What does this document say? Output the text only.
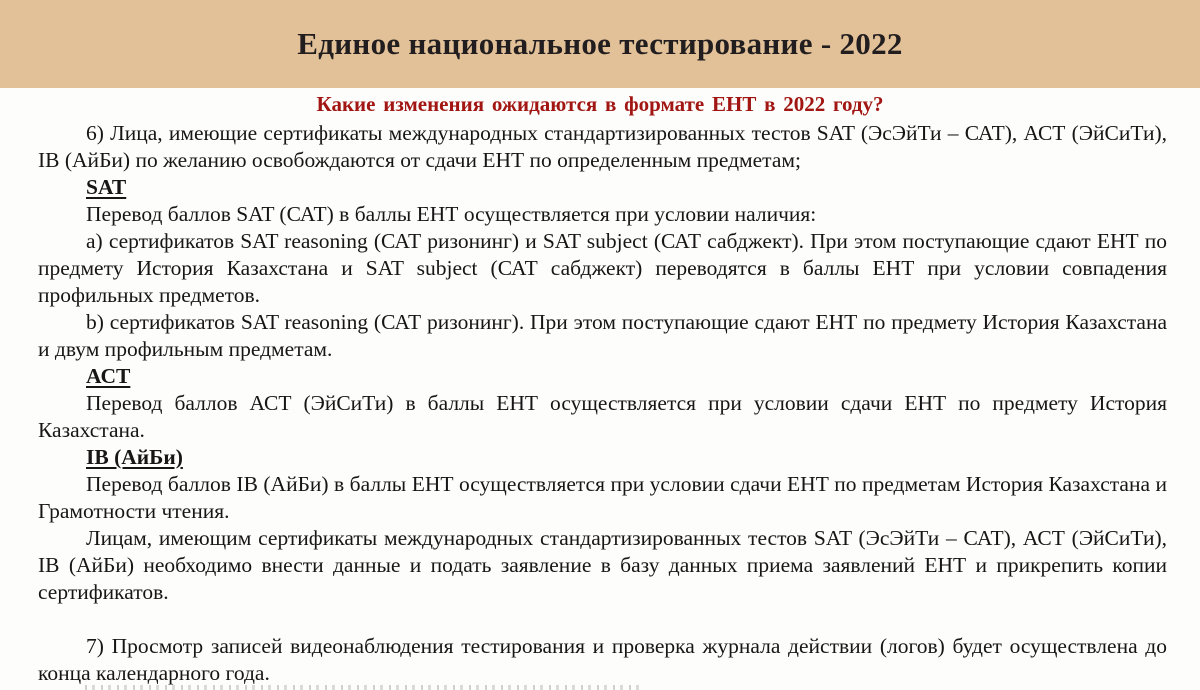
Единое национальное тестирование - 2022
Какие изменения ожидаются в формате ЕНТ в 2022 году?

6) Лица, имеющие сертификаты международных стандартизированных тестов SAT (ЭсЭйТи – САТ), АСТ (ЭйСиТи), IB (АйБи) по желанию освобождаются от сдачи ЕНТ по определенным предметам;

SAT

Перевод баллов SAT (САТ) в баллы ЕНТ осуществляется при условии наличия:

а) сертификатов SAT reasoning (САТ ризонинг) и SAT subject (САТ сабджект). При этом поступающие сдают ЕНТ по предмету История Казахстана и SAT subject (САТ сабджект) переводятся в баллы ЕНТ при условии совпадения профильных предметов.

b) сертификатов SAT reasoning (САТ ризонинг). При этом поступающие сдают ЕНТ по предмету История Казахстана и двум профильным предметам.

АСТ

Перевод баллов АСТ (ЭйСиТи) в баллы ЕНТ осуществляется при условии сдачи ЕНТ по предмету История Казахстана.

IB (АйБи)

Перевод баллов IB (АйБи) в баллы ЕНТ осуществляется при условии сдачи ЕНТ по предметам История Казахстана и Грамотности чтения.

Лицам, имеющим сертификаты международных стандартизированных тестов SAT (ЭсЭйТи – САТ), АСТ (ЭйСиТи), IB (АйБи) необходимо внести данные и подать заявление в базу данных приема заявлений ЕНТ и прикрепить копии сертификатов.

7) Просмотр записей видеонаблюдения тестирования и проверка журнала действии (логов) будет осуществлена до конца календарного года.
